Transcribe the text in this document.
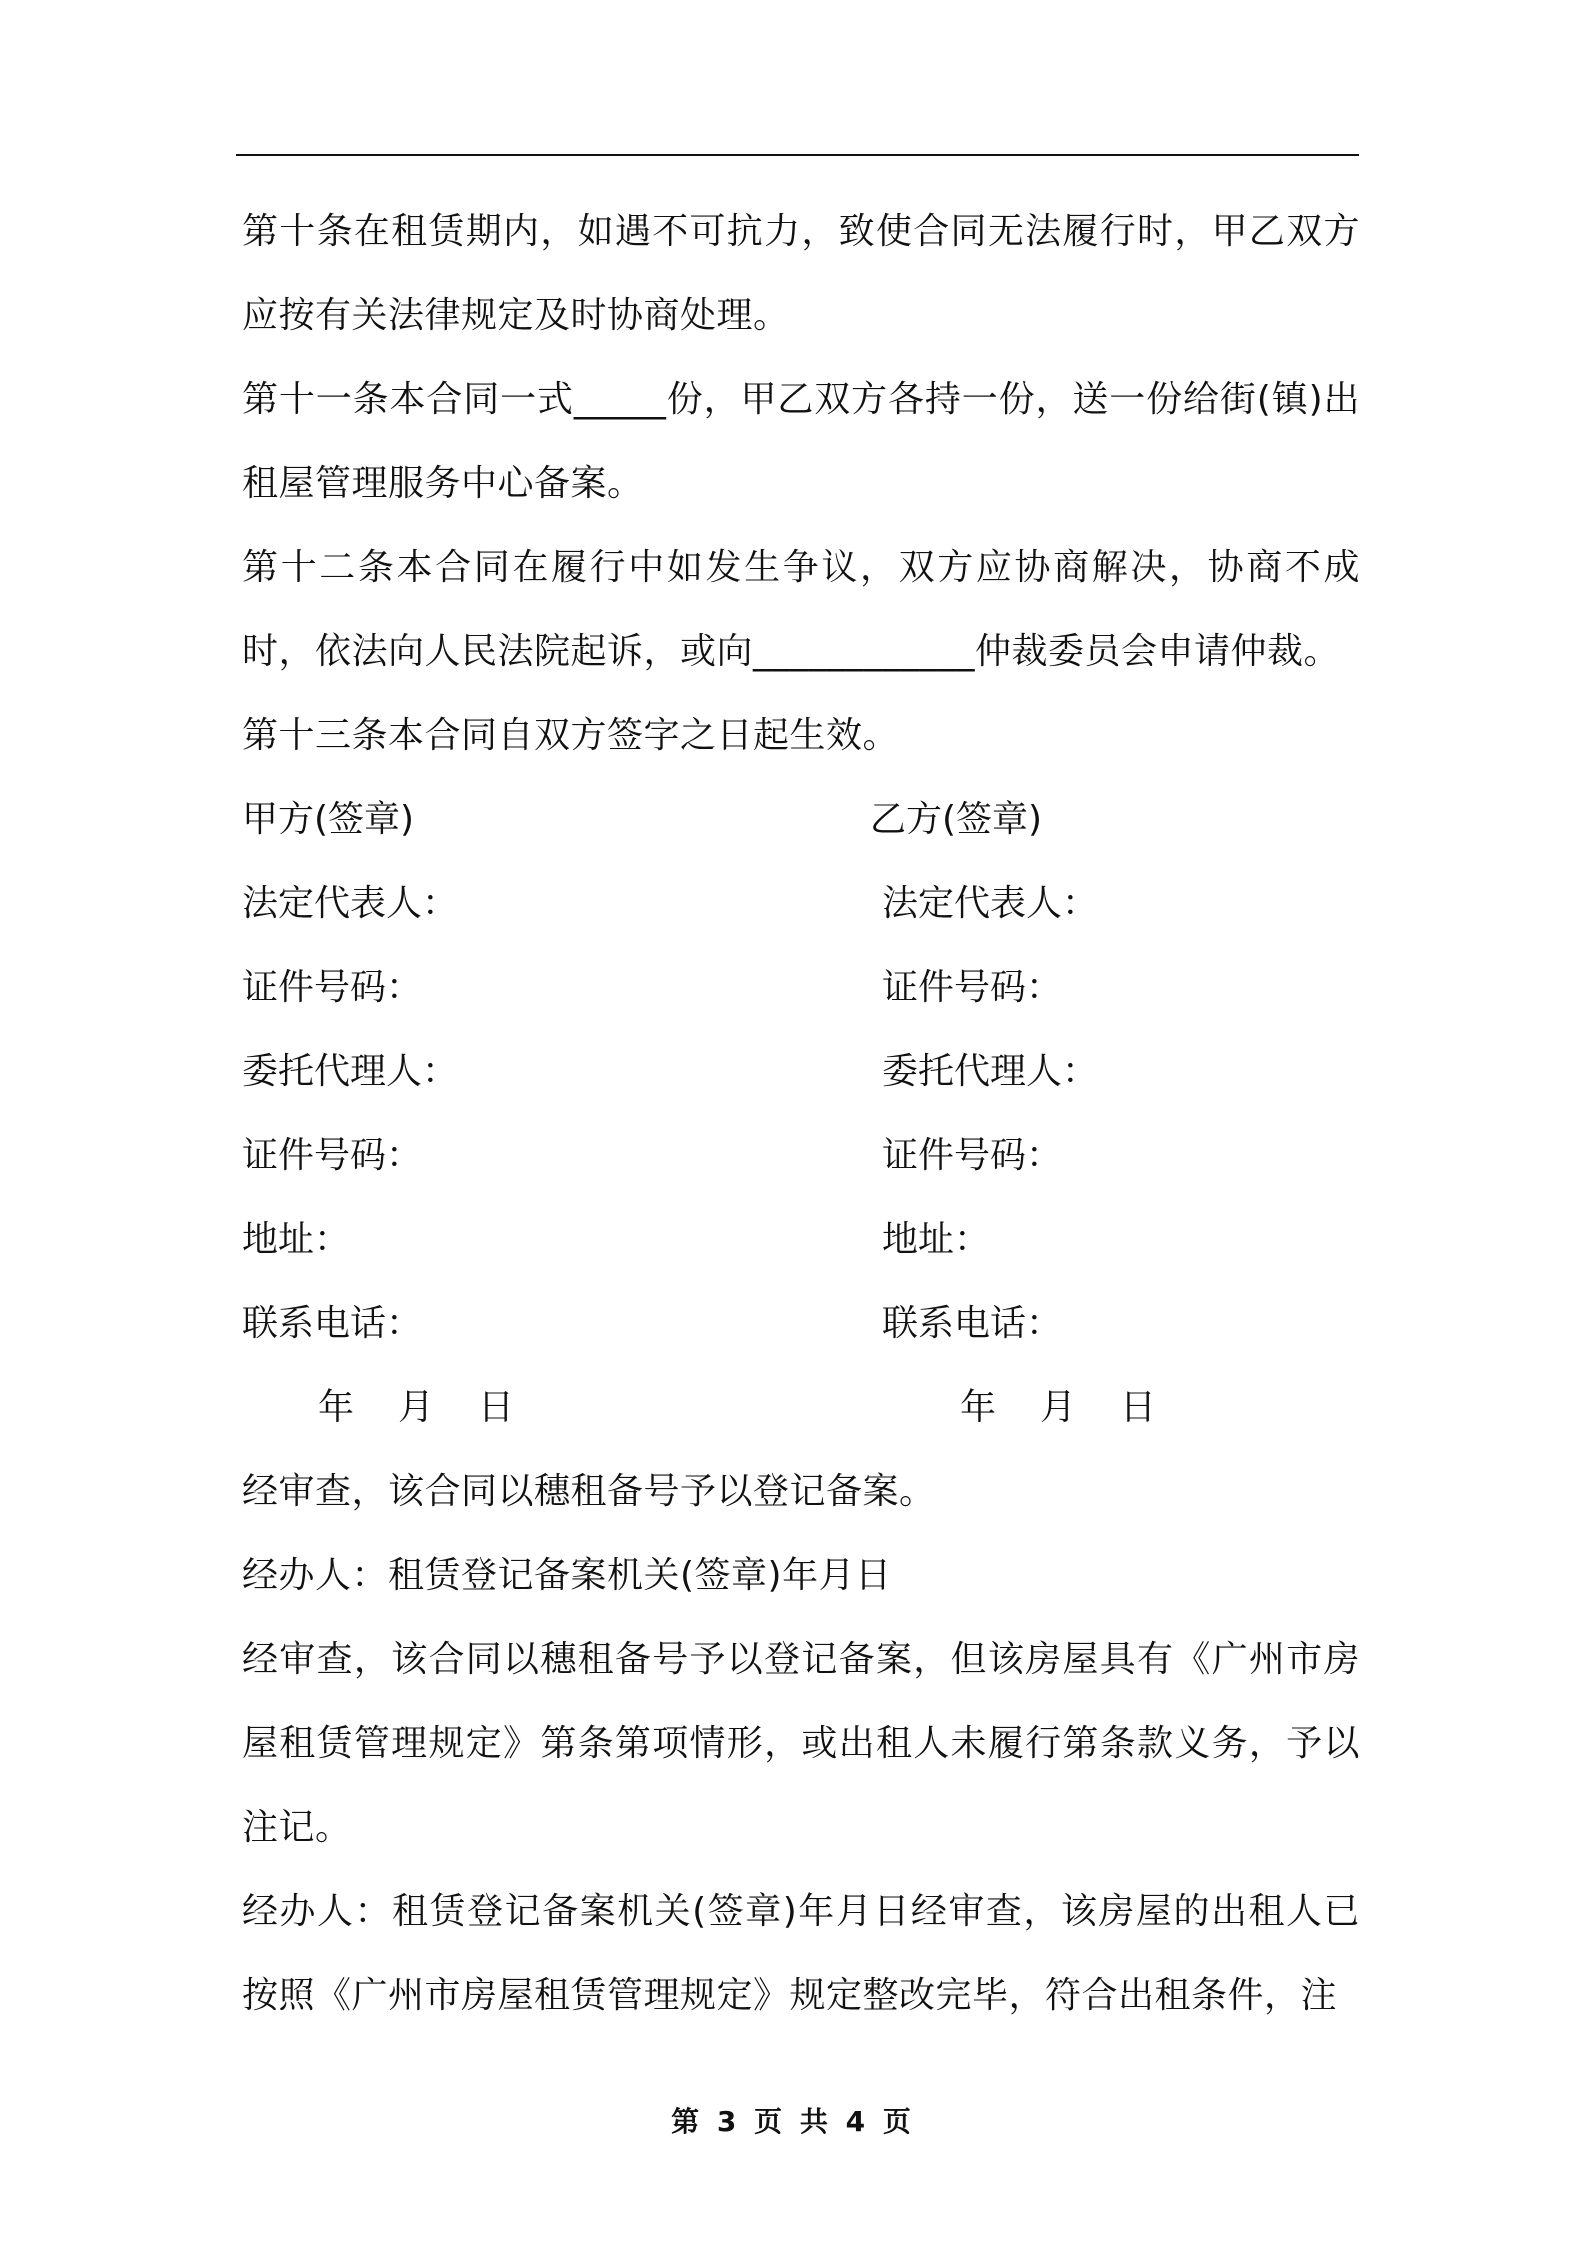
第十条在租赁期内，如遇不可抗力，致使合同无法履行时，甲乙双方应按有关法律规定及时协商处理。

第十一条本合同一式_____份，甲乙双方各持一份，送一份给街(镇)出租屋管理服务中心备案。

第十二条本合同在履行中如发生争议，双方应协商解决，协商不成时，依法向人民法院起诉，或向____________仲裁委员会申请仲裁。

第十三条本合同自双方签字之日起生效。

甲方(签章)	乙方(签章)
法定代表人：	法定代表人：
证件号码：	证件号码：
委托代理人：	委托代理人：
证件号码：	证件号码：
地址：	地址：
联系电话：	联系电话：
年 月 日	年 月 日

经审查，该合同以穗租备号予以登记备案。

经办人：租赁登记备案机关(签章)年月日

经审查，该合同以穗租备号予以登记备案，但该房屋具有《广州市房屋租赁管理规定》第条第项情形，或出租人未履行第条款义务，予以注记。

经办人：租赁登记备案机关(签章)年月日经审查，该房屋的出租人已按照《广州市房屋租赁管理规定》规定整改完毕，符合出租条件，注

第 3 页 共 4 页
